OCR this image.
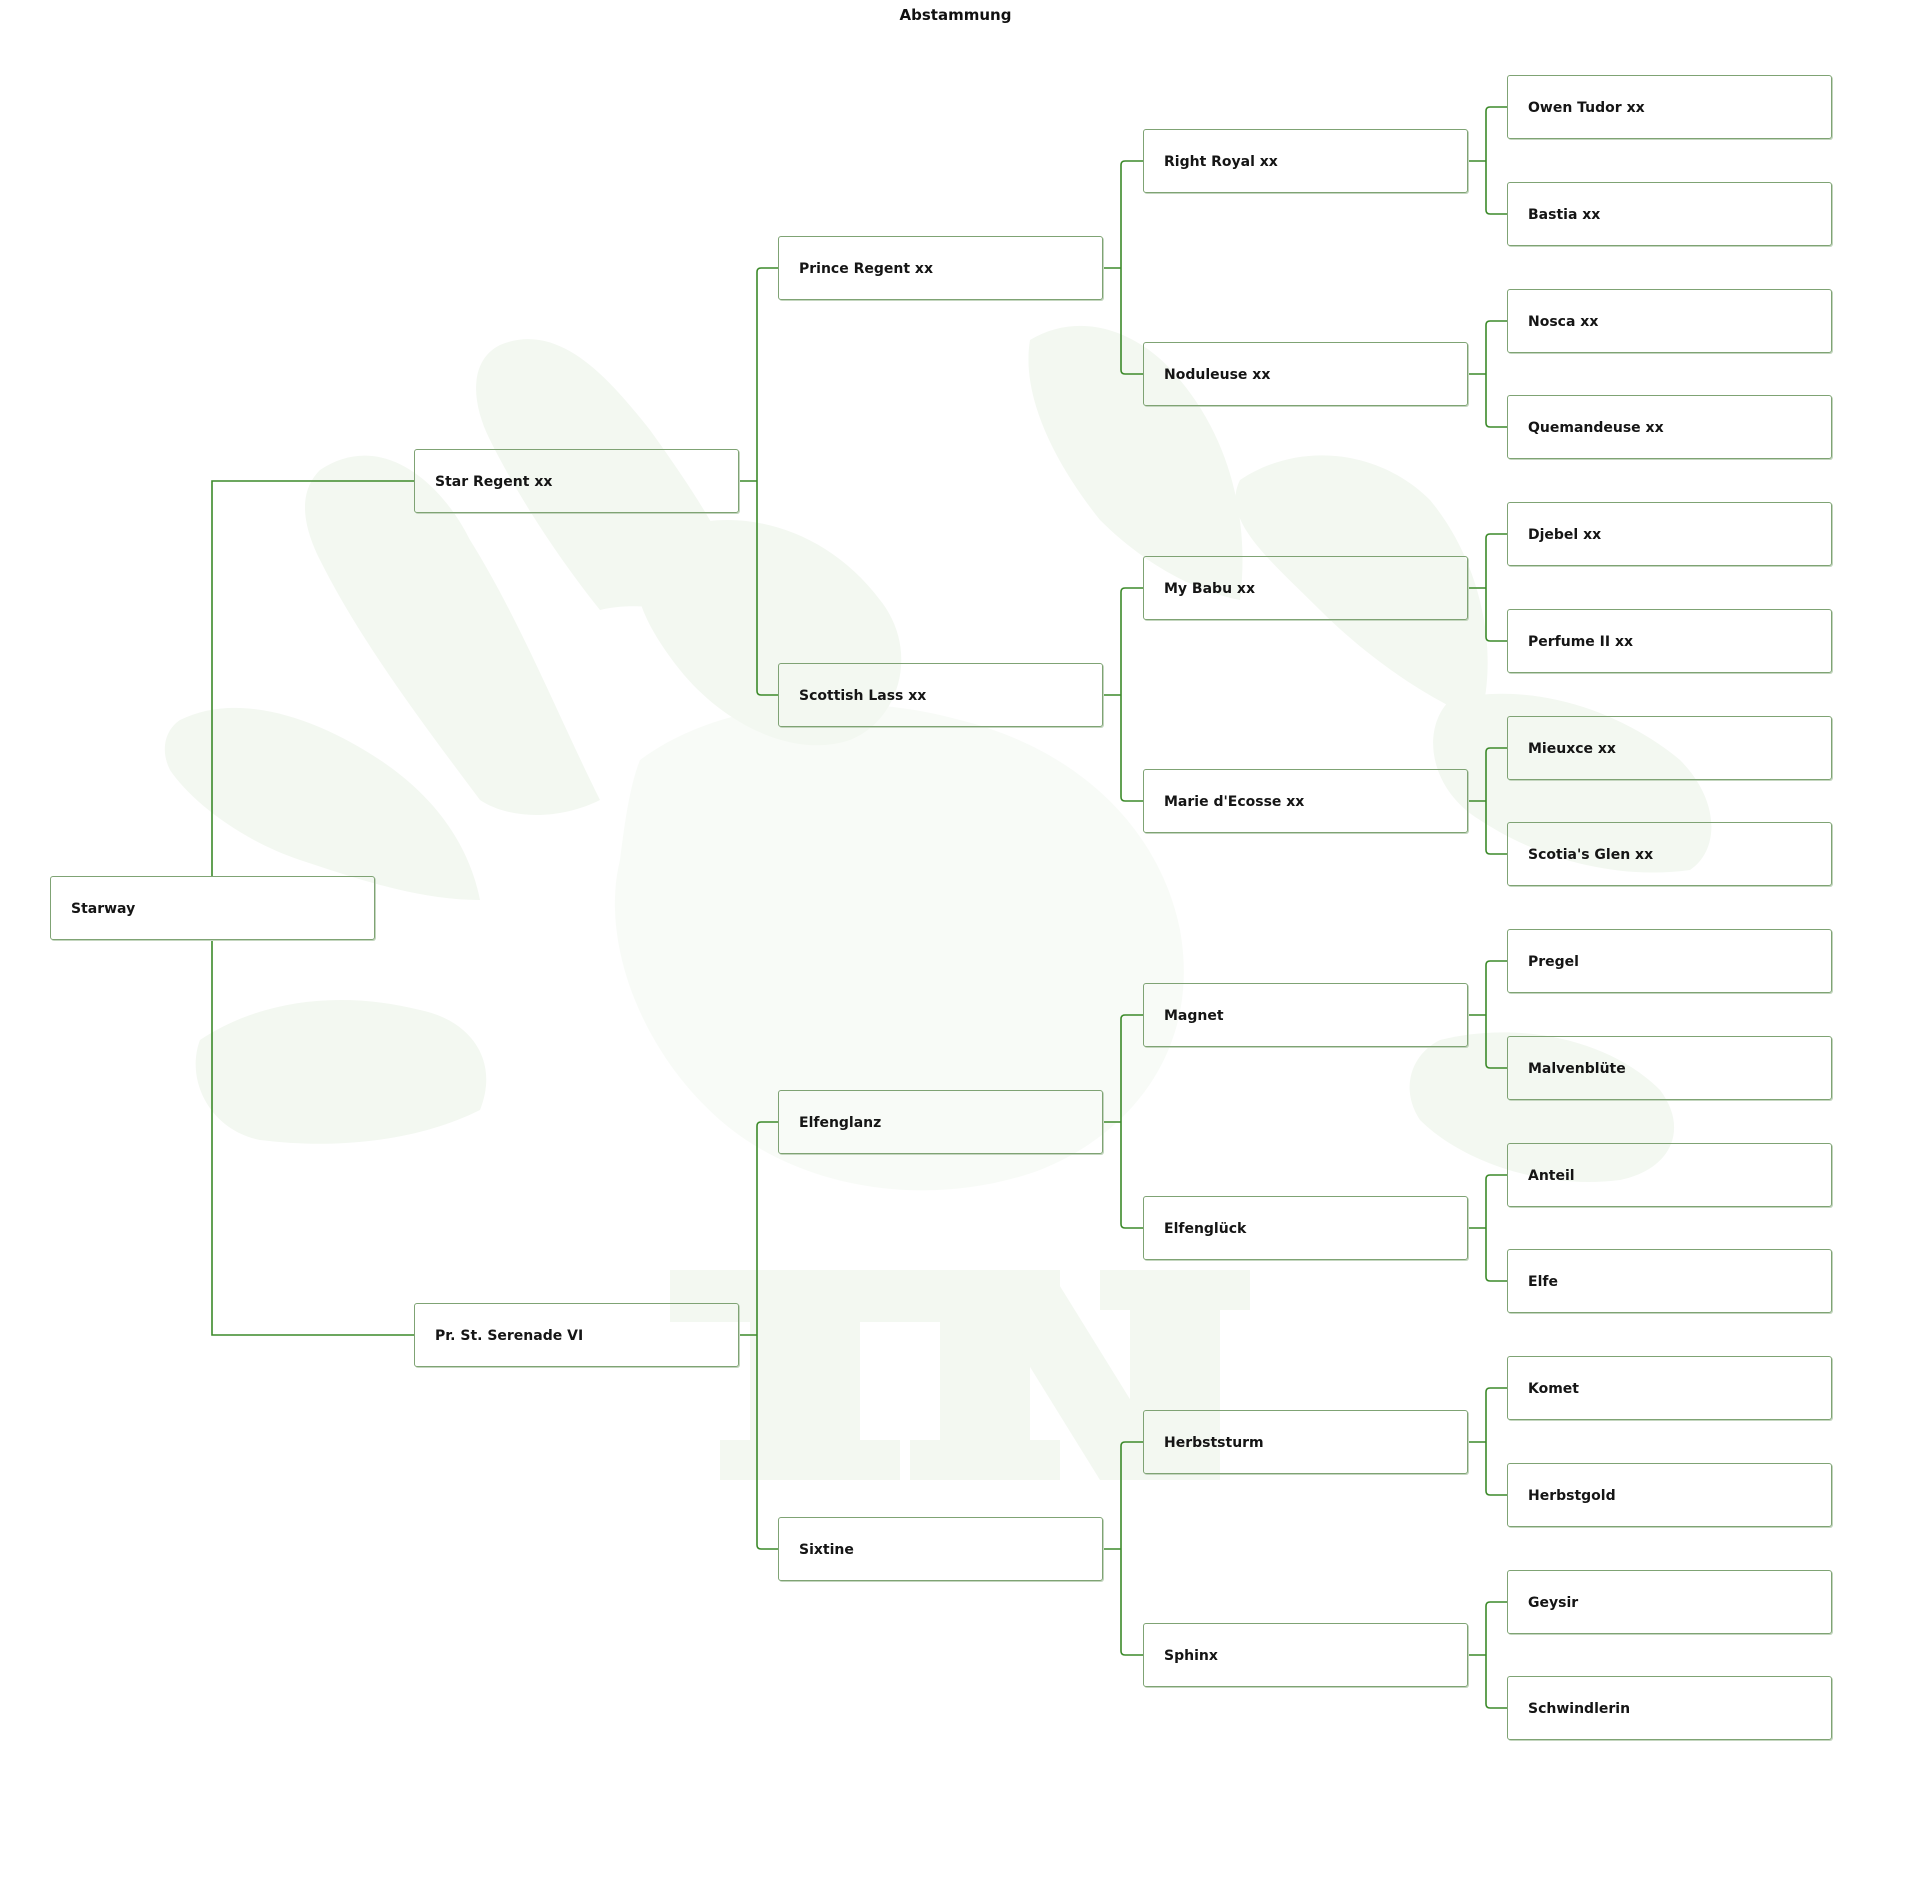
Abstammung
Starway
Star Regent xx
Pr. St. Serenade VI
Prince Regent xx
Scottish Lass xx
Elfenglanz
Sixtine
Right Royal xx
Noduleuse xx
My Babu xx
Marie d'Ecosse xx
Magnet
Elfenglück
Herbststurm
Sphinx
Owen Tudor xx
Bastia xx
Nosca xx
Quemandeuse xx
Djebel xx
Perfume II xx
Mieuxce xx
Scotia's Glen xx
Pregel
Malvenblüte
Anteil
Elfe
Komet
Herbstgold
Geysir
Schwindlerin
